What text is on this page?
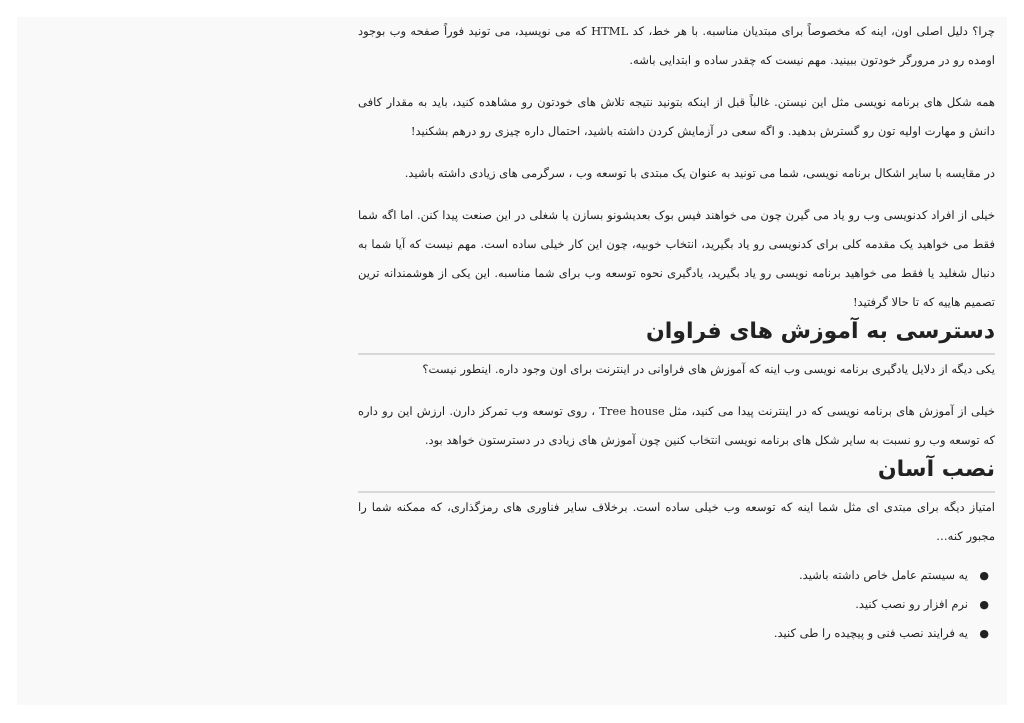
چرا؟ دلیل اصلی اون، اینه که مخصوصاً برای مبتدیان مناسبه. با هر خط، کد HTML که می نویسید، می تونید فوراً صفحه وب بوجود اومده رو در مرورگر خودتون ببینید. مهم نیست که چقدر ساده و ابتدایی باشه.

همه شکل های برنامه نویسی مثل این نیستن. غالباً قبل از اینکه بتونید نتیجه تلاش های خودتون رو مشاهده کنید، باید به مقدار کافی دانش و مهارت اولیه تون رو گسترش بدهید. و اگه سعی در آزمایش کردن داشته باشید، احتمال داره چیزی رو درهم بشکنید!

در مقایسه با سایر اشکال برنامه نویسی، شما می تونید به عنوان یک مبتدی با توسعه وب ، سرگرمی های زیادی داشته باشید.

خیلی از افراد کدنویسی وب رو یاد می گیرن چون می خواهند فیس بوک بعدیشونو بسازن یا شغلی در این صنعت پیدا کنن. اما اگه شما فقط می خواهید یک مقدمه کلی برای کدنویسی رو یاد بگیرید، انتخاب خوبیه، چون این کار خیلی ساده است. مهم نیست که آیا شما به دنبال شغلید یا فقط می خواهید برنامه نویسی رو یاد بگیرید، یادگیری نحوه توسعه وب برای شما مناسبه. این یکی از هوشمندانه ترین تصمیم هاییه که تا حالا گرفتید!

دسترسی به آموزش های فراوان

یکی دیگه از دلایل یادگیری برنامه نویسی وب اینه که آموزش های فراوانی در اینترنت برای اون وجود داره. اینطور نیست؟

خیلی از آموزش های برنامه نویسی که در اینترنت پیدا می کنید، مثل Tree house ، روی توسعه وب تمرکز دارن. ارزش این رو داره که توسعه وب رو نسبت به سایر شکل های برنامه نویسی انتخاب کنین چون آموزش های زیادی در دسترستون خواهد بود.

نصب آسان

امتیاز دیگه برای مبتدی ای مثل شما اینه که توسعه وب خیلی ساده است. برخلاف سایر فناوری های رمزگذاری، که ممکنه شما را مجبور کنه…

●
یه سیستم عامل خاص داشته باشید.
●
نرم افزار رو نصب کنید.
●
یه فرایند نصب فنی و پیچیده را طی کنید.
